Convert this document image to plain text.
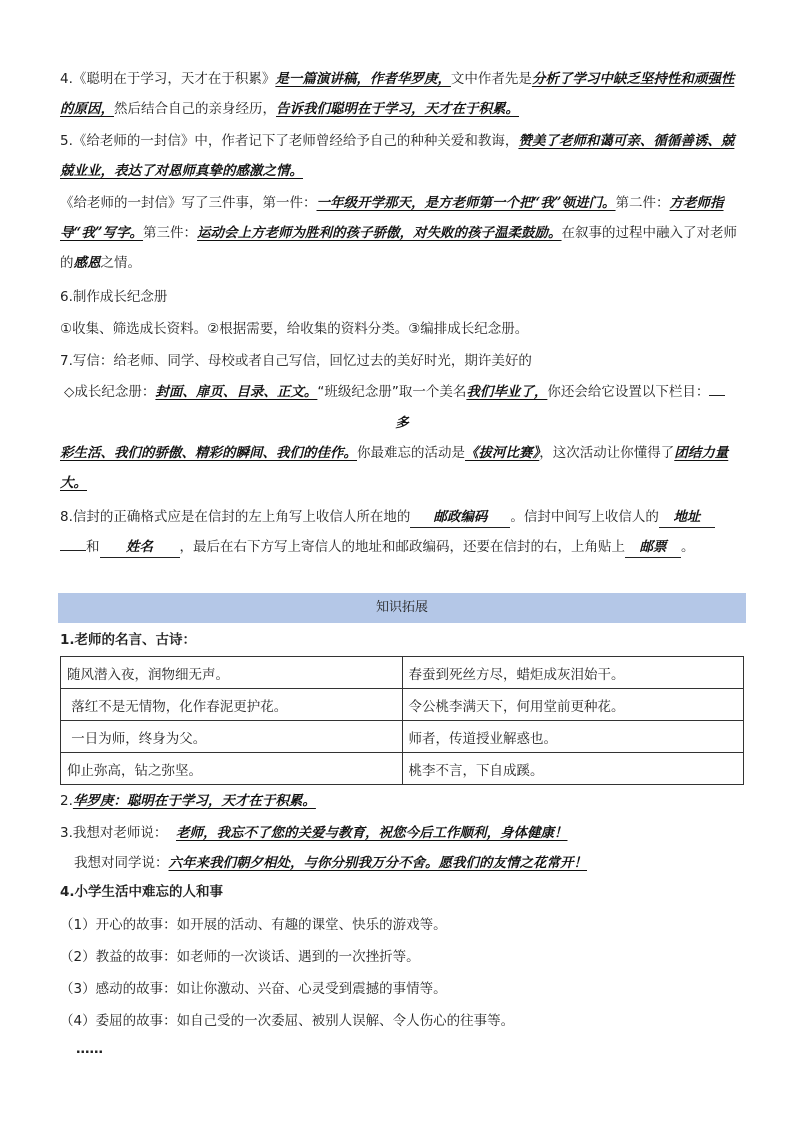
4.《聪明在于学习，天才在于积累》是一篇演讲稿，作者华罗庚，文中作者先是分析了学习中缺乏坚持性和顽强性的原因，然后结合自己的亲身经历，告诉我们聪明在于学习，天才在于积累。
5.《给老师的一封信》中，作者记下了老师曾经给予自己的种种关爱和教诲，赞美了老师和蔼可亲、循循善诱、兢兢业业，表达了对恩师真挚的感激之情。
《给老师的一封信》写了三件事，第一件：一年级开学那天，是方老师第一个把“我”领进门。第二件：方老师指导“我”写字。第三件：运动会上方老师为胜利的孩子骄傲，对失败的孩子温柔鼓励。在叙事的过程中融入了对老师的感恩之情。
6.制作成长纪念册
①收集、筛选成长资料。②根据需要，给收集的资料分类。③编排成长纪念册。
7.写信：给老师、同学、母校或者自己写信，回忆过去的美好时光，期许美好的
◇成长纪念册：封面、扉页、目录、正文。“班级纪念册”取一个美名我们毕业了，你还会给它设置以下栏目：
多
彩生活、我们的骄傲、精彩的瞬间、我们的佳作。你最难忘的活动是《拔河比赛》，这次活动让你懂得了团结力量大。
8.信封的正确格式应是在信封的左上角写上收信人所在地的 邮政编码 。信封中间写上收信人的 地址
和 姓名 ，最后在右下方写上寄信人的地址和邮政编码，还要在信封的右，上角贴上 邮票 。
知识拓展
1.老师的名言、古诗：
随风潜入夜，润物细无声。	春蚕到死丝方尽，蜡炬成灰泪始干。
落红不是无情物，化作春泥更护花。	令公桃李满天下，何用堂前更种花。
一日为师，终身为父。	师者，传道授业解惑也。
仰止弥高，钻之弥坚。	桃李不言，下自成蹊。
2.华罗庚：聪明在于学习，天才在于积累。
3.我想对老师说： 老师，我忘不了您的关爱与教育，祝您今后工作顺利，身体健康！
我想对同学说：六年来我们朝夕相处，与你分别我万分不舍。愿我们的友情之花常开！
4.小学生活中难忘的人和事
（1）开心的故事：如开展的活动、有趣的课堂、快乐的游戏等。
（2）教益的故事：如老师的一次谈话、遇到的一次挫折等。
（3）感动的故事：如让你激动、兴奋、心灵受到震撼的事情等。
（4）委屈的故事：如自己受的一次委屈、被别人误解、令人伤心的往事等。
……
